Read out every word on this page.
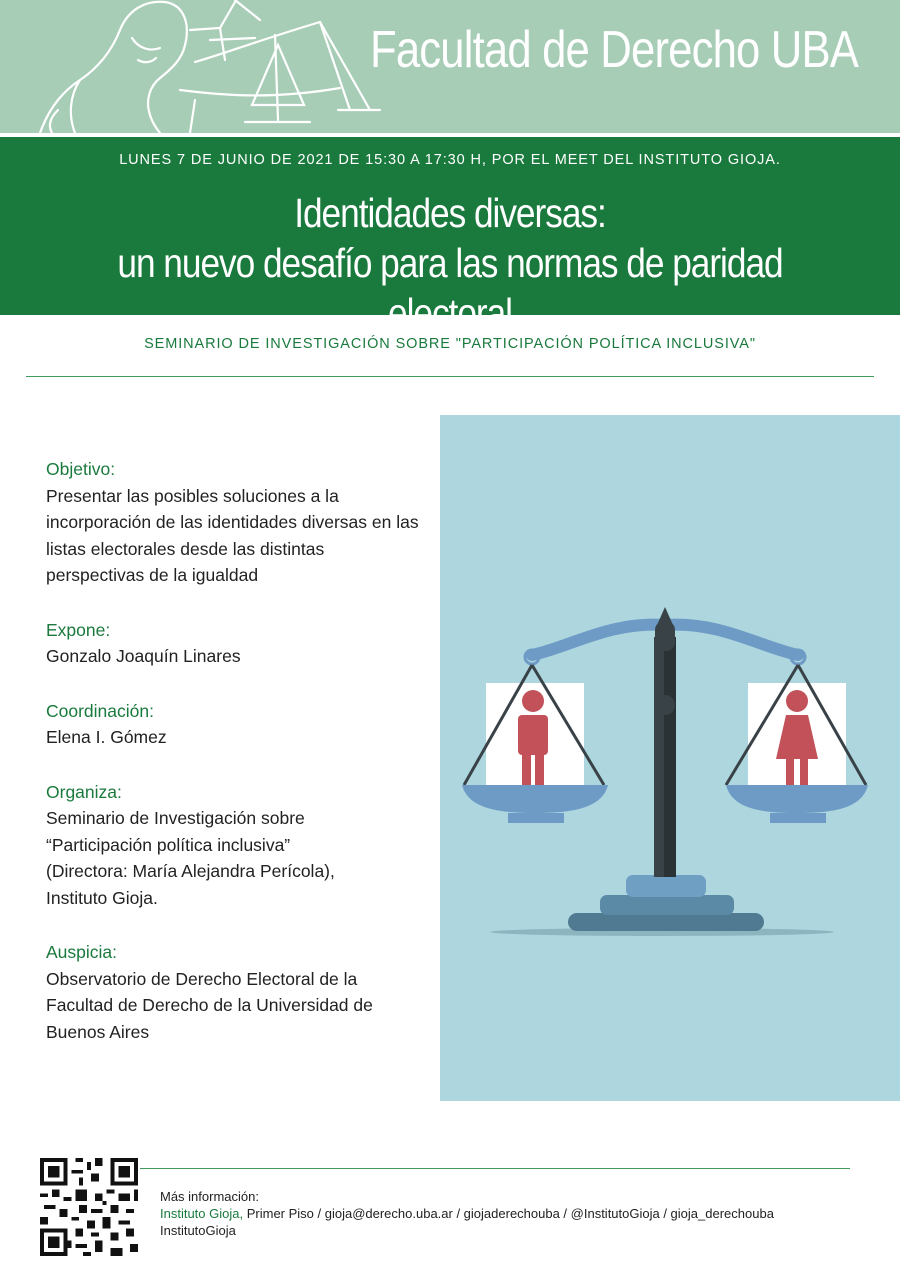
Facultad de Derecho UBA
LUNES 7 DE JUNIO DE 2021 DE 15:30 A 17:30 H, POR EL MEET DEL INSTITUTO GIOJA.
Identidades diversas:
un nuevo desafío para las normas de paridad electoral
SEMINARIO DE INVESTIGACIÓN SOBRE "PARTICIPACIÓN POLÍTICA INCLUSIVA"
Objetivo:
Presentar las posibles soluciones a la incorporación de las identidades diversas en las listas electorales desde las distintas perspectivas de la igualdad
Expone:
Gonzalo Joaquín Linares
Coordinación:
Elena I. Gómez
Organiza:
Seminario de Investigación sobre
“Participación política inclusiva”
(Directora: María Alejandra Perícola),
Instituto Gioja.
Auspicia:
Observatorio de Derecho Electoral de la Facultad de Derecho de la Universidad de Buenos Aires
Más información:
Instituto Gioja, Primer Piso / gioja@derecho.uba.ar / giojaderechouba / @InstitutoGioja / gioja_derechouba
InstitutoGioja
